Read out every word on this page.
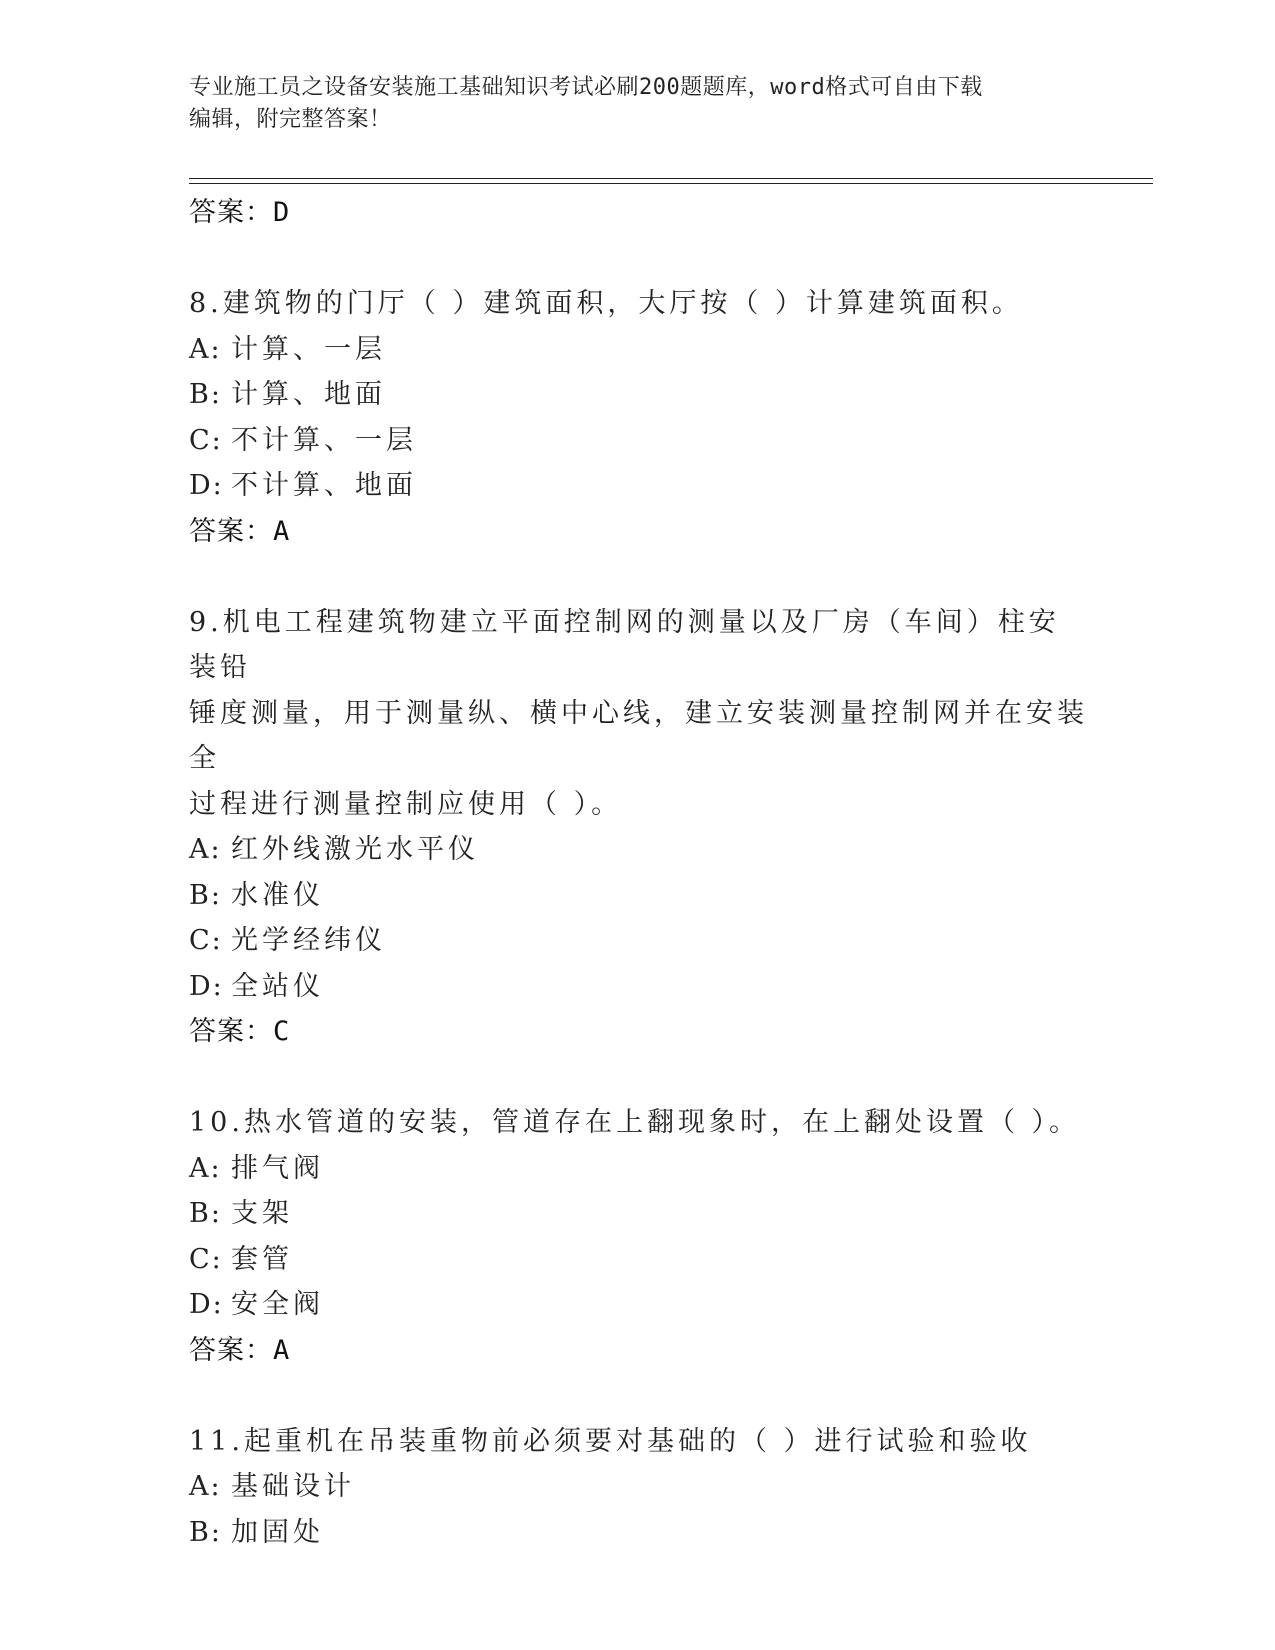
专业施工员之设备安装施工基础知识考试必刷200题题库，word格式可自由下载
编辑，附完整答案！
答案：D
8.建筑物的门厅（ ）建筑面积，大厅按（ ）计算建筑面积。
A: 计算、一层
B: 计算、地面
C: 不计算、一层
D: 不计算、地面
答案：A
9.机电工程建筑物建立平面控制网的测量以及厂房（车间）柱安装铅
锤度测量，用于测量纵、横中心线，建立安装测量控制网并在安装全
过程进行测量控制应使用（ ）。
A: 红外线激光水平仪
B: 水准仪
C: 光学经纬仪
D: 全站仪
答案：C
10.热水管道的安装，管道存在上翻现象时，在上翻处设置（ ）。
A: 排气阀
B: 支架
C: 套管
D: 安全阀
答案：A
11.起重机在吊装重物前必须要对基础的（ ）进行试验和验收
A: 基础设计
B: 加固处
